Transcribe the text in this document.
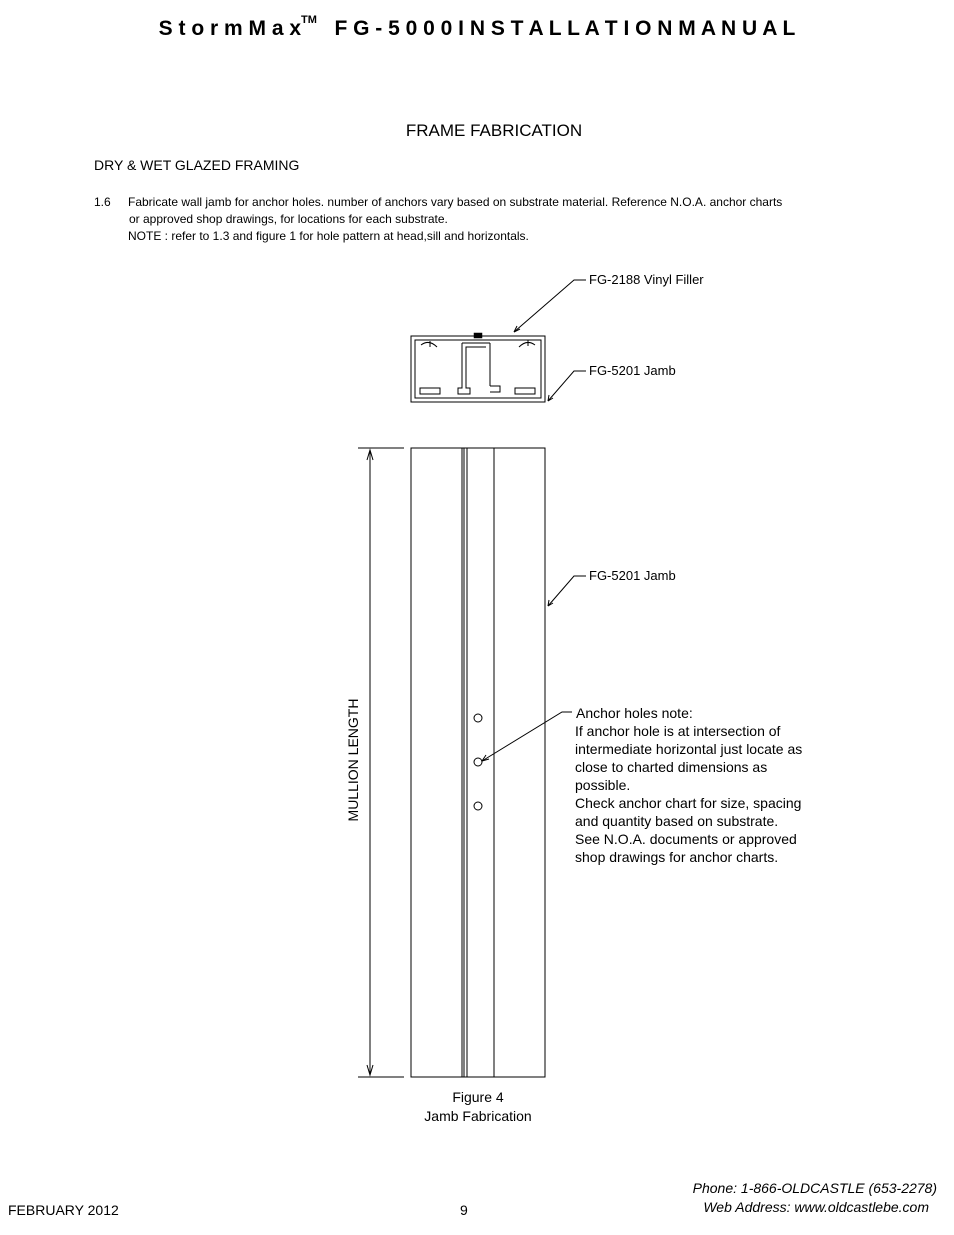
S t o r m M a x™ F G - 5 0 0 0 I N S T A L L A T I O N M A N U A L
FRAME FABRICATION
DRY & WET GLAZED FRAMING
1.6 Fabricate wall jamb for anchor holes. number of anchors vary based on substrate material. Reference N.O.A. anchor charts
or approved shop drawings, for locations for each substrate.
NOTE : refer to 1.3 and figure 1 for hole pattern at head,sill and horizontals.
FG-2188 Vinyl Filler
FG-5201 Jamb
FG-5201 Jamb
MULLION LENGTH	Anchor holes note:
If anchor hole is at intersection of
intermediate horizontal just locate as
close to charted dimensions as
possible.
Check anchor chart for size, spacing
and quantity based on substrate.
See N.O.A. documents or approved
shop drawings for anchor charts.
Figure 4
Jamb Fabrication
FEBRUARY 2012	9
Phone: 1-866-OLDCASTLE (653-2278)
Web Address: www.oldcastlebe.com
